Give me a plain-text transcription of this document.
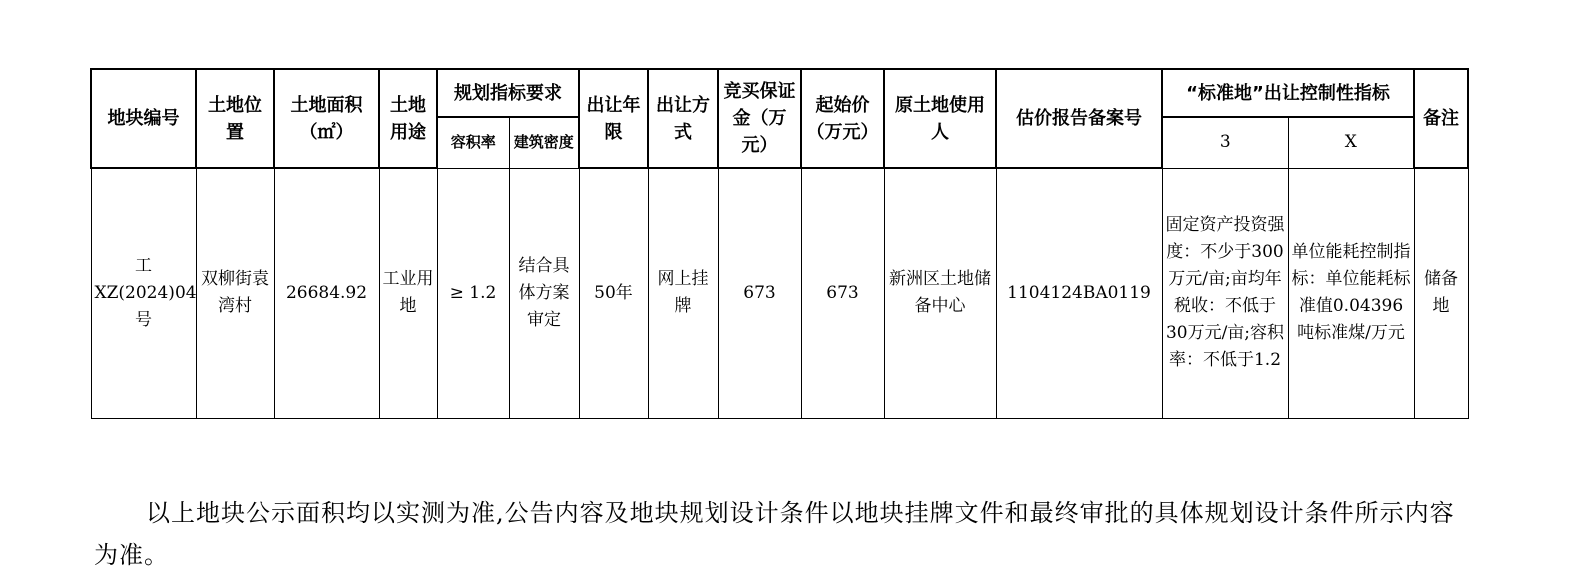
地块编号	土地位置	土地面积（㎡）	土地用途	规划指标要求		出让年限	出让方式	竞买保证金（万元）	起始价（万元）	原土地使用人	估价报告备案号	“标准地”出让控制性指标		备注
				容积率	建筑密度							3	X	
工XZ(2024)04号	双柳街袁湾村	26684.92	工业用地	≥ 1.2	结合具体方案审定	50年	网上挂牌	673	673	新洲区土地储备中心	1104124BA0119	固定资产投资强度：不少于300万元/亩;亩均年税收：不低于30万元/亩;容积率：不低于1.2	单位能耗控制指标：单位能耗标准值0.04396吨标准煤/万元	储备地

以上地块公示面积均以实测为准,公告内容及地块规划设计条件以地块挂牌文件和最终审批的具体规划设计条件所示内容为准。
